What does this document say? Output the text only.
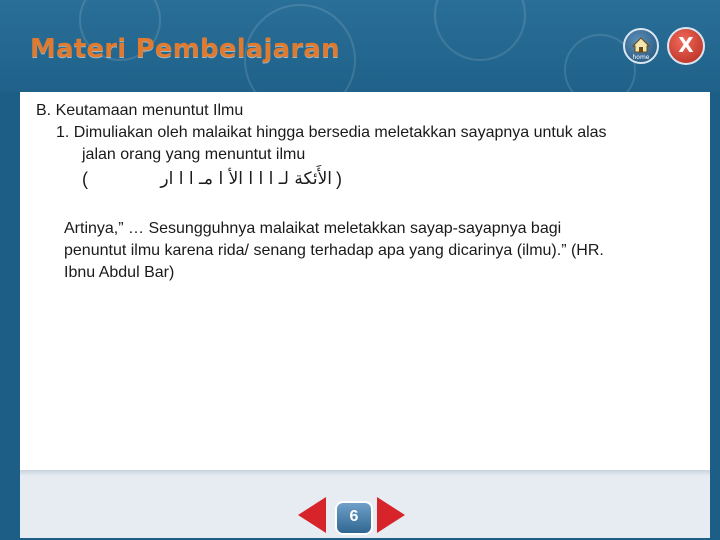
Materi Pembelajaran	home
X
B. Keutamaan menuntut Ilmu
1. Dimuliakan oleh malaikat hingga bersedia meletakkan sayapnya untuk alas
jalan orang yang menuntut ilmu
(	الأَئكة لـ ا ا ا الأ ا مـ ا ا ار )
Artinya,” … Sesungguhnya malaikat meletakkan sayap-sayapnya bagi
penuntut ilmu karena rida/ senang terhadap apa yang dicarinya (ilmu).” (HR.
Ibnu Abdul Bar)
6
